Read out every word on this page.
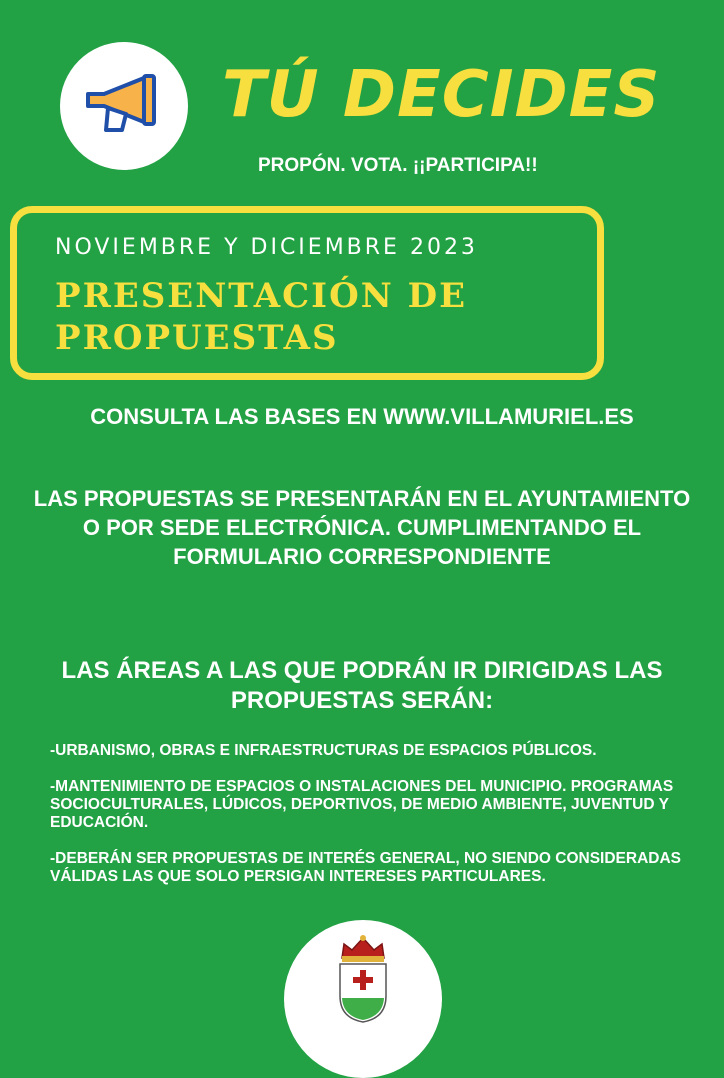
TÚ DECIDES
PROPÓN. VOTA. ¡¡PARTICIPA!!
NOVIEMBRE Y DICIEMBRE 2023
PRESENTACIÓN DE PROPUESTAS
CONSULTA LAS BASES EN WWW.VILLAMURIEL.ES
LAS PROPUESTAS SE PRESENTARÁN EN EL AYUNTAMIENTO O POR SEDE ELECTRÓNICA. CUMPLIMENTANDO EL FORMULARIO CORRESPONDIENTE
LAS ÁREAS A LAS QUE PODRÁN IR DIRIGIDAS LAS PROPUESTAS SERÁN:
-URBANISMO, OBRAS E INFRAESTRUCTURAS DE ESPACIOS PÚBLICOS.
-MANTENIMIENTO DE ESPACIOS O INSTALACIONES DEL MUNICIPIO. PROGRAMAS SOCIOCULTURALES, LÚDICOS, DEPORTIVOS, DE MEDIO AMBIENTE, JUVENTUD Y EDUCACIÓN.
-DEBERÁN SER PROPUESTAS DE INTERÉS GENERAL, NO SIENDO CONSIDERADAS VÁLIDAS LAS QUE SOLO PERSIGAN INTERESES PARTICULARES.
